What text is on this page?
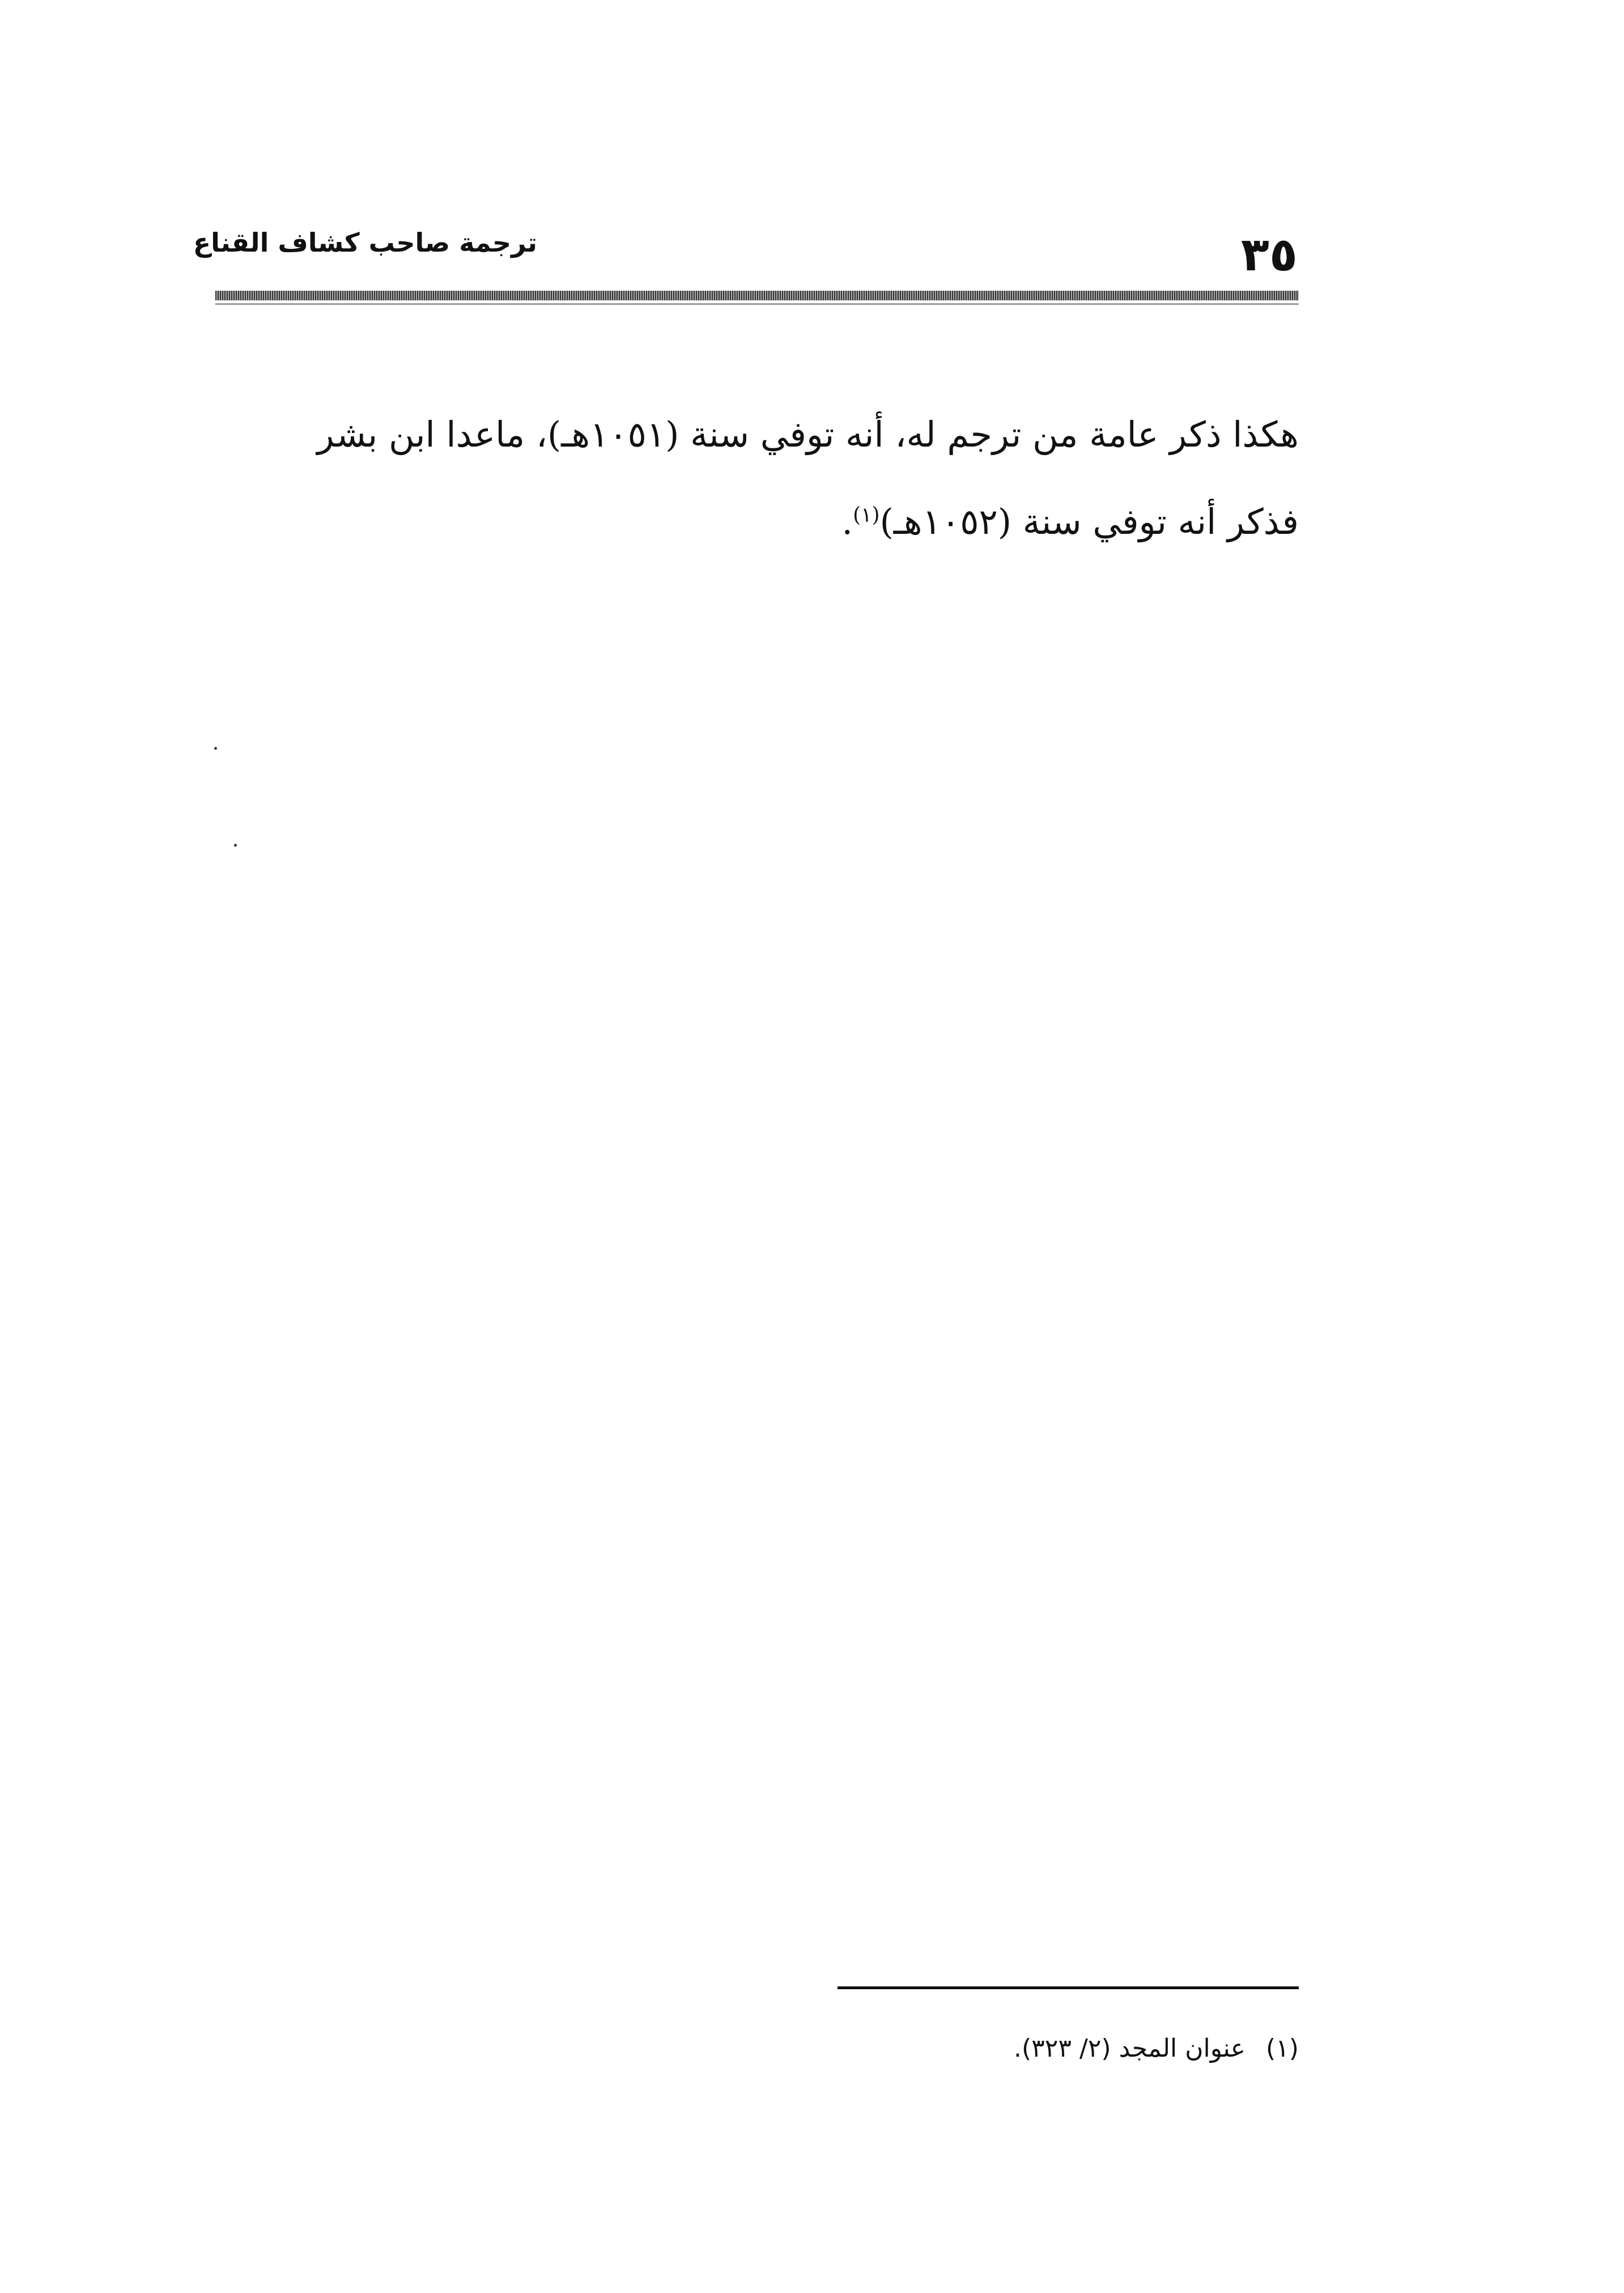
ترجمة صاحب كشاف القناع	٣٥
هكذا ذكر عامة من ترجم له، أنه توفي سنة (١٠٥١هـ)، ماعدا ابن بشر
فذكر أنه توفي سنة (١٠٥٢هـ)$^{(١)}$.
(١)عنوان المجد (٢/ ٣٢٣).
